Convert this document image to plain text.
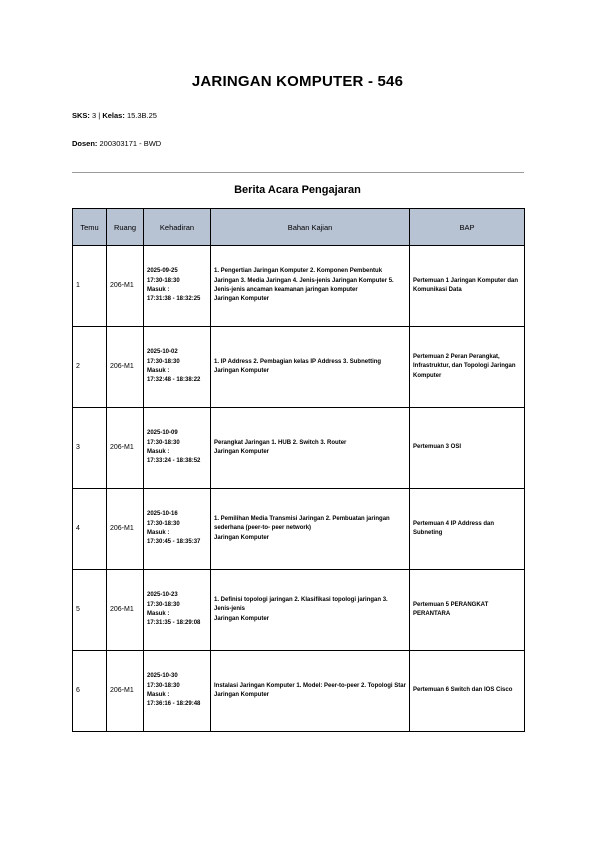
JARINGAN KOMPUTER - 546
SKS: 3 | Kelas: 15.3B.25
Dosen: 200303171 - BWD
Berita Acara Pengajaran
Temu	Ruang	Kehadiran	Bahan Kajian	BAP
1	206-M1	2025-09-25
17:30-18:30
Masuk :
17:31:38 - 18:32:25	1. Pengertian Jaringan Komputer 2. Komponen Pembentuk Jaringan 3. Media Jaringan 4. Jenis-jenis Jaringan Komputer 5. Jenis-jenis ancaman keamanan jaringan komputer
Jaringan Komputer	Pertemuan 1 Jaringan Komputer dan Komunikasi Data
2	206-M1	2025-10-02
17:30-18:30
Masuk :
17:32:48 - 18:38:22	1. IP Address 2. Pembagian kelas IP Address 3. Subnetting
Jaringan Komputer	Pertemuan 2 Peran Perangkat, Infrastruktur, dan Topologi Jaringan Komputer
3	206-M1	2025-10-09
17:30-18:30
Masuk :
17:33:24 - 18:38:52	Perangkat Jaringan 1. HUB 2. Switch 3. Router
Jaringan Komputer	Pertemuan 3 OSI
4	206-M1	2025-10-16
17:30-18:30
Masuk :
17:30:45 - 18:35:37	1. Pemilihan Media Transmisi Jaringan 2. Pembuatan jaringan sederhana (peer-to- peer network)
Jaringan Komputer	Pertemuan 4 IP Address dan Subneting
5	206-M1	2025-10-23
17:30-18:30
Masuk :
17:31:35 - 18:29:08	1. Definisi topologi jaringan 2. Klasifikasi topologi jaringan 3. Jenis-jenis
Jaringan Komputer	Pertemuan 5 PERANGKAT PERANTARA
6	206-M1	2025-10-30
17:30-18:30
Masuk :
17:36:16 - 18:29:48	Instalasi Jaringan Komputer 1. Model: Peer-to-peer 2. Topologi Star
Jaringan Komputer	Pertemuan 6 Switch dan IOS Cisco
